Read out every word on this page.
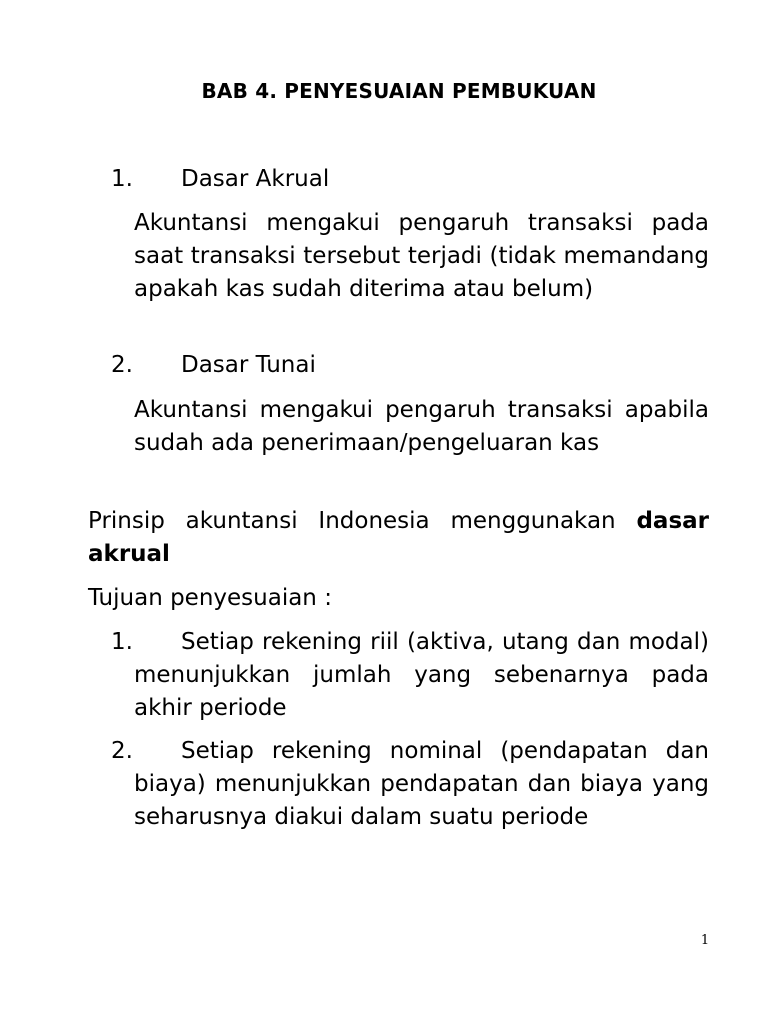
BAB 4. PENYESUAIAN PEMBUKUAN
1. Dasar Akrual
Akuntansi mengakui pengaruh transaksi pada saat transaksi tersebut terjadi (tidak memandang apakah kas sudah diterima atau belum)
2. Dasar Tunai
Akuntansi mengakui pengaruh transaksi apabila sudah ada penerimaan/pengeluaran kas
Prinsip akuntansi Indonesia menggunakan dasar akrual
Tujuan penyesuaian :
1. Setiap rekening riil (aktiva, utang dan modal) menunjukkan jumlah yang sebenarnya pada akhir periode
2. Setiap rekening nominal (pendapatan dan biaya) menunjukkan pendapatan dan biaya yang seharusnya diakui dalam suatu periode
1
